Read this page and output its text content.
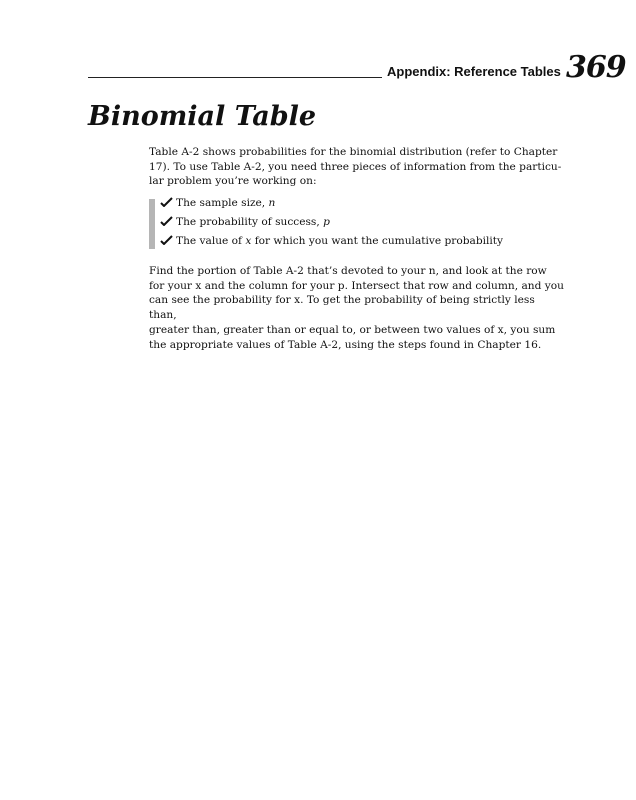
Appendix: Reference Tables 369
Binomial Table

Table A-2 shows probabilities for the binomial distribution (refer to Chapter
17). To use Table A-2, you need three pieces of information from the particu-
lar problem you’re working on:

The sample size, n
The probability of success, p
The value of x for which you want the cumulative probability

Find the portion of Table A-2 that’s devoted to your n, and look at the row
for your x and the column for your p. Intersect that row and column, and you
can see the probability for x. To get the probability of being strictly less than,
greater than, greater than or equal to, or between two values of x, you sum
the appropriate values of Table A-2, using the steps found in Chapter 16.
